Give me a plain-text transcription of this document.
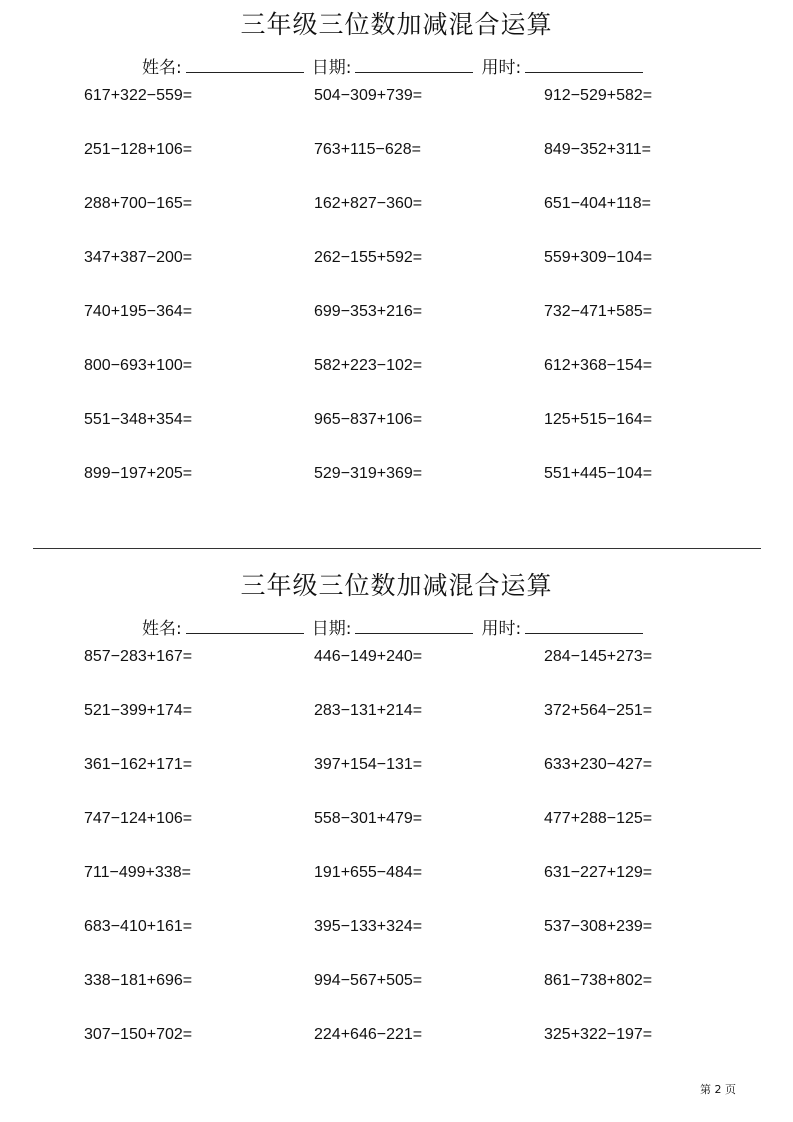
三年级三位数加减混合运算
姓名:	日期:	用时:
617+322−559=	504−309+739=	912−529+582=
251−128+106=	763+115−628=	849−352+311=
288+700−165=	162+827−360=	651−404+118=
347+387−200=	262−155+592=	559+309−104=
740+195−364=	699−353+216=	732−471+585=
800−693+100=	582+223−102=	612+368−154=
551−348+354=	965−837+106=	125+515−164=
899−197+205=	529−319+369=	551+445−104=
三年级三位数加减混合运算
姓名:	日期:	用时:
857−283+167=	446−149+240=	284−145+273=
521−399+174=	283−131+214=	372+564−251=
361−162+171=	397+154−131=	633+230−427=
747−124+106=	558−301+479=	477+288−125=
711−499+338=	191+655−484=	631−227+129=
683−410+161=	395−133+324=	537−308+239=
338−181+696=	994−567+505=	861−738+802=
307−150+702=	224+646−221=	325+322−197=
第 2 页
